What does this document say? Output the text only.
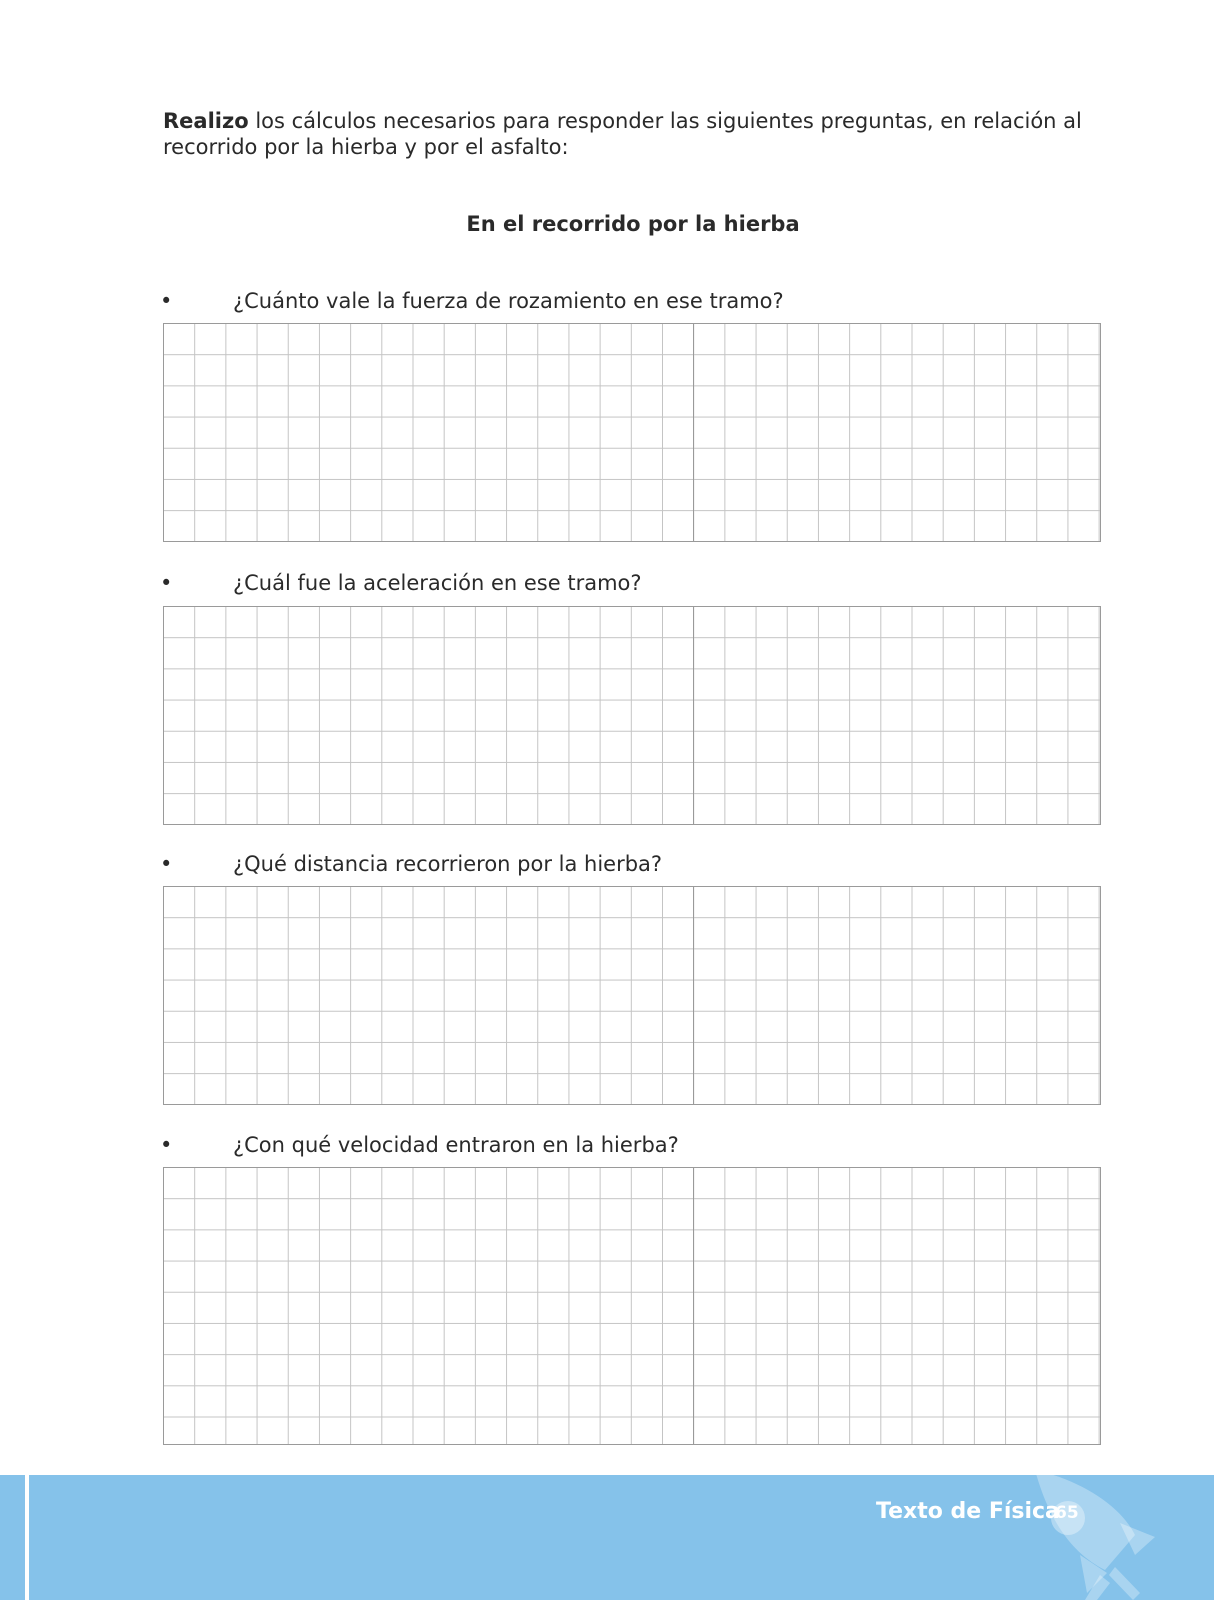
Realizo los cálculos necesarios para responder las siguientes preguntas, en relación al recorrido por la hierba y por el asfalto:

En el recorrido por la hierba
•	¿Cuánto vale la fuerza de rozamiento en ese tramo?
•	¿Cuál fue la aceleración en ese tramo?
•	¿Qué distancia recorrieron por la hierba?
•	¿Con qué velocidad entraron en la hierba?
Texto de Física
65
